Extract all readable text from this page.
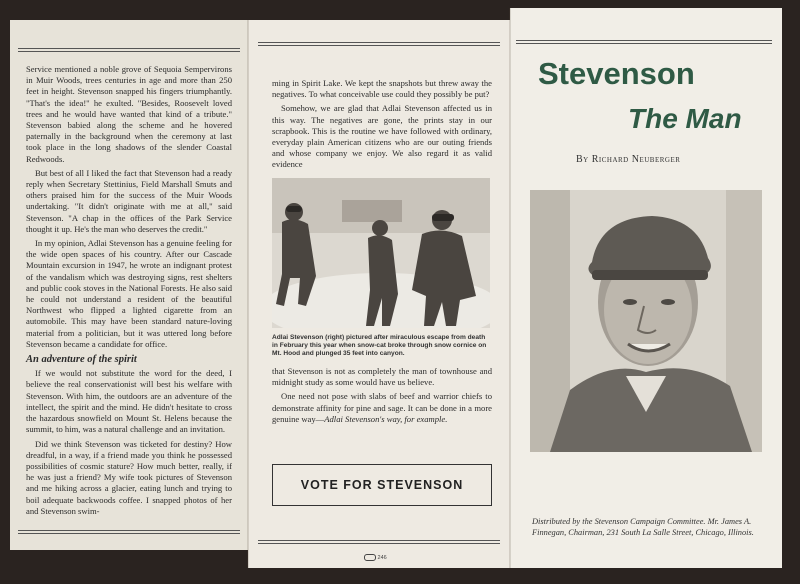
Service mentioned a noble grove of Sequoia Sempervirons in Muir Woods, trees centuries in age and more than 250 feet in height. Stevenson snapped his fingers triumphantly. "That's the idea!" he exulted. "Besides, Roosevelt loved trees and he would have wanted that kind of a tribute." Stevenson babied along the scheme and he hovered paternally in the background when the ceremony at last took place in the long shadows of the slender Coastal Redwoods.

But best of all I liked the fact that Stevenson had a ready reply when Secretary Stettinius, Field Marshall Smuts and others praised him for the success of the Muir Woods undertaking. "It didn't originate with me at all," said Stevenson. "A chap in the offices of the Park Service thought it up. He's the man who deserves the credit."

In my opinion, Adlai Stevenson has a genuine feeling for the wide open spaces of his country. After our Cascade Mountain excursion in 1947, he wrote an indignant protest of the vandalism which was destroying signs, rest shelters and public cook stoves in the National Forests. He also said he could not understand a resident of the beautiful Northwest who flipped a lighted cigarette from an automobile. This may have been standard nature-loving material from a politician, but it was uttered long before Stevenson became a candidate for office.

An adventure of the spirit

If we would not substitute the word for the deed, I believe the real conservationist will best his welfare with Stevenson. With him, the outdoors are an adventure of the intellect, the spirit and the mind. He didn't hesitate to cross the hazardous snowfield on Mount St. Helens because the summit, to him, was a natural challenge and an invitation.

Did we think Stevenson was ticketed for destiny? How dreadful, in a way, if a friend made you think he possessed possibilities of cosmic stature? How much better, really, if he was just a friend? My wife took pictures of Stevenson and me hiking across a glacier, eating lunch and trying to boil adequate backwoods coffee. I snapped photos of her and Stevenson swim-

ming in Spirit Lake. We kept the snapshots but threw away the negatives. To what conceivable use could they possibly be put?

Somehow, we are glad that Adlai Stevenson affected us in this way. The negatives are gone, the prints stay in our scrapbook. This is the routine we have followed with ordinary, everyday plain American citizens who are our outing friends and whose company we enjoy. We also regard it as valid evidence

Adlai Stevenson (right) pictured after miraculous escape from death in February this year when snow-cat broke through snow cornice on Mt. Hood and plunged 35 feet into canyon.

that Stevenson is not as completely the man of townhouse and midnight study as some would have us believe.

One need not pose with slabs of beef and warrior chiefs to demonstrate affinity for pine and sage. It can be done in a more genuine way—Adlai Stevenson's way, for example.

VOTE FOR STEVENSON
246
Stevenson
The Man
By Richard Neuberger
Distributed by the Stevenson Campaign Committee. Mr. James A. Finnegan, Chairman, 231 South La Salle Street, Chicago, Illinois.
